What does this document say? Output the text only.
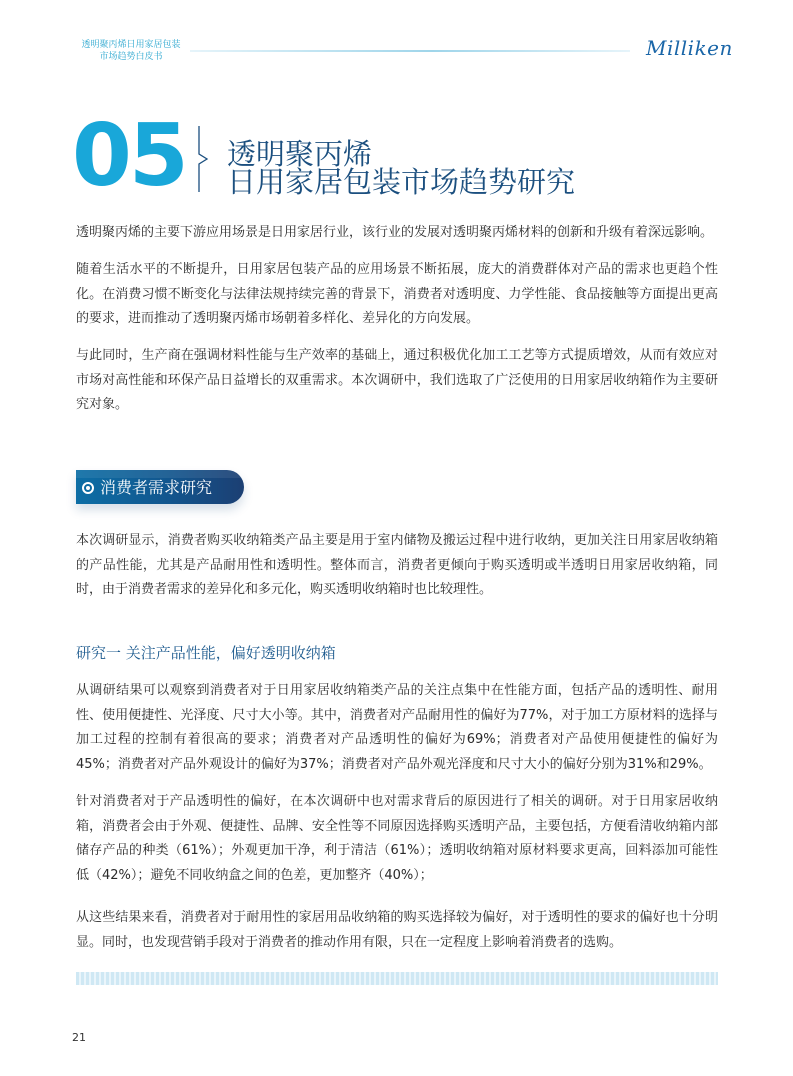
透明聚丙烯日用家居包装
市场趋势白皮书	Milliken
05 透明聚丙烯
日用家居包装市场趋势研究

透明聚丙烯的主要下游应用场景是日用家居行业，该行业的发展对透明聚丙烯材料的创新和升级有着深远影响。

随着生活水平的不断提升，日用家居包装产品的应用场景不断拓展，庞大的消费群体对产品的需求也更趋个性化。在消费习惯不断变化与法律法规持续完善的背景下，消费者对透明度、力学性能、食品接触等方面提出更高的要求，进而推动了透明聚丙烯市场朝着多样化、差异化的方向发展。

与此同时，生产商在强调材料性能与生产效率的基础上，通过积极优化加工工艺等方式提质增效，从而有效应对市场对高性能和环保产品日益增长的双重需求。本次调研中，我们选取了广泛使用的日用家居收纳箱作为主要研究对象。

消费者需求研究

本次调研显示，消费者购买收纳箱类产品主要是用于室内储物及搬运过程中进行收纳，更加关注日用家居收纳箱的产品性能，尤其是产品耐用性和透明性。整体而言，消费者更倾向于购买透明或半透明日用家居收纳箱，同时，由于消费者需求的差异化和多元化，购买透明收纳箱时也比较理性。

研究一 关注产品性能，偏好透明收纳箱

从调研结果可以观察到消费者对于日用家居收纳箱类产品的关注点集中在性能方面，包括产品的透明性、耐用性、使用便捷性、光泽度、尺寸大小等。其中，消费者对产品耐用性的偏好为77%，对于加工方原材料的选择与加工过程的控制有着很高的要求；消费者对产品透明性的偏好为69%；消费者对产品使用便捷性的偏好为45%；消费者对产品外观设计的偏好为37%；消费者对产品外观光泽度和尺寸大小的偏好分别为31%和29%。

针对消费者对于产品透明性的偏好，在本次调研中也对需求背后的原因进行了相关的调研。对于日用家居收纳箱，消费者会由于外观、便捷性、品牌、安全性等不同原因选择购买透明产品，主要包括，方便看清收纳箱内部储存产品的种类（61%）；外观更加干净，利于清洁（61%）；透明收纳箱对原材料要求更高，回料添加可能性低（42%）；避免不同收纳盒之间的色差，更加整齐（40%）；

从这些结果来看，消费者对于耐用性的家居用品收纳箱的购买选择较为偏好，对于透明性的要求的偏好也十分明显。同时，也发现营销手段对于消费者的推动作用有限，只在一定程度上影响着消费者的选购。

21
